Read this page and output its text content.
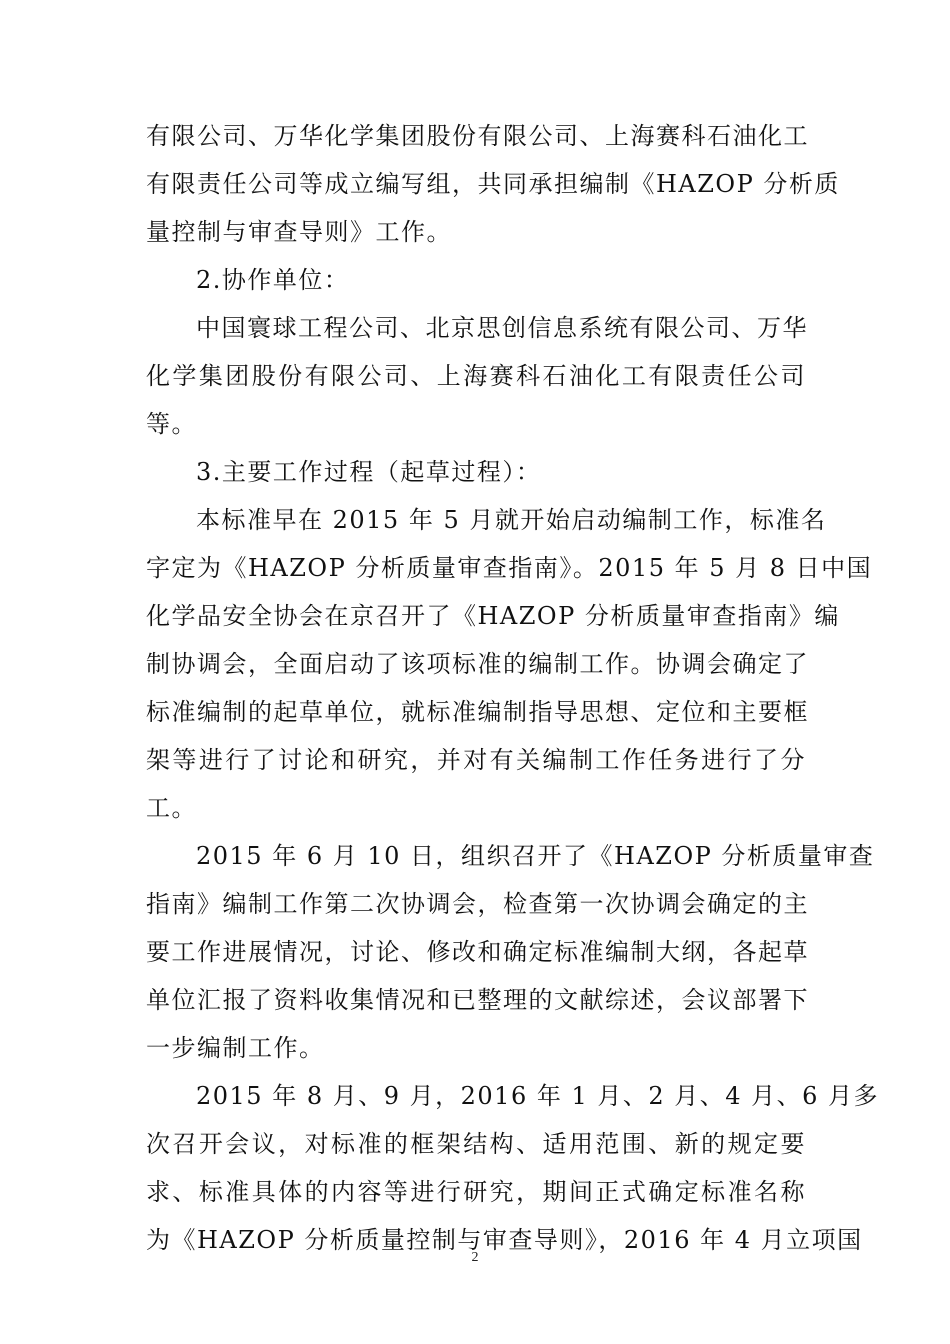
有限公司、万华化学集团股份有限公司、上海赛科石油化工
有限责任公司等成立编写组，共同承担编制《HAZOP 分析质
量控制与审查导则》工作。
2.协作单位：
中国寰球工程公司、北京思创信息系统有限公司、万华
化学集团股份有限公司、上海赛科石油化工有限责任公司
等。
3.主要工作过程（起草过程）：
本标准早在 2015 年 5 月就开始启动编制工作，标准名
字定为《HAZOP 分析质量审查指南》。2015 年 5 月 8 日中国
化学品安全协会在京召开了《HAZOP 分析质量审查指南》编
制协调会，全面启动了该项标准的编制工作。协调会确定了
标准编制的起草单位，就标准编制指导思想、定位和主要框
架等进行了讨论和研究，并对有关编制工作任务进行了分
工。
2015 年 6 月 10 日，组织召开了《HAZOP 分析质量审查
指南》编制工作第二次协调会，检查第一次协调会确定的主
要工作进展情况，讨论、修改和确定标准编制大纲，各起草
单位汇报了资料收集情况和已整理的文献综述，会议部署下
一步编制工作。
2015 年 8 月、9 月，2016 年 1 月、2 月、4 月、6 月多
次召开会议，对标准的框架结构、适用范围、新的规定要
求、标准具体的内容等进行研究，期间正式确定标准名称
为《HAZOP 分析质量控制与审查导则》，2016 年 4 月立项国
2
